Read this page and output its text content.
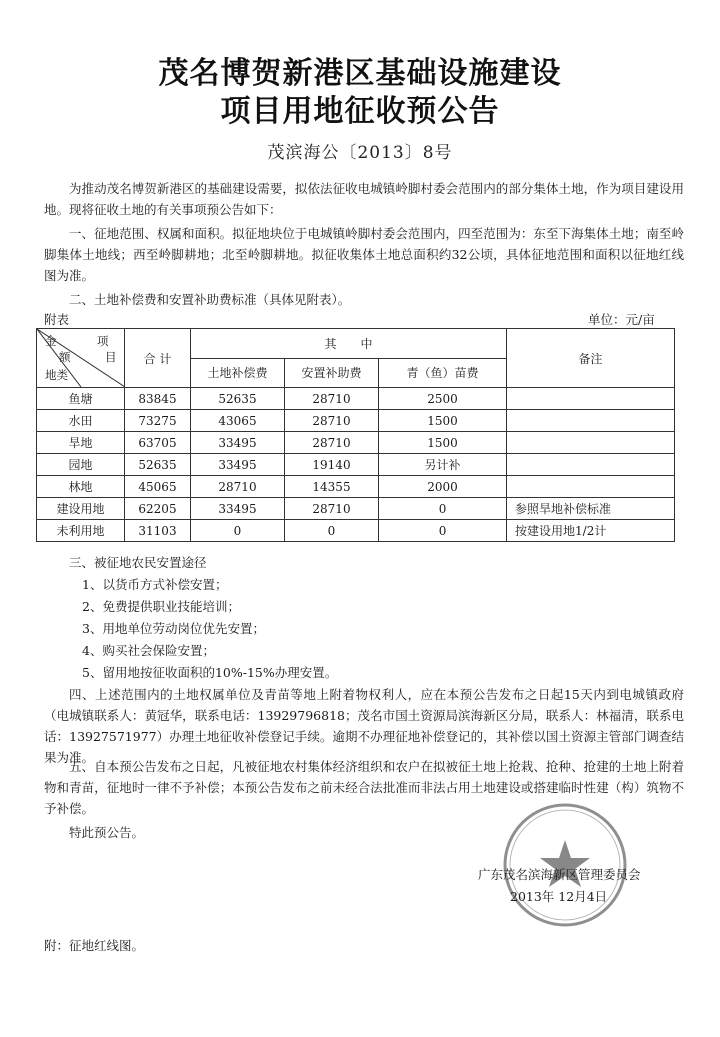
茂名博贺新港区基础设施建设
项目用地征收预公告
茂滨海公〔2013〕8号
为推动茂名博贺新港区的基础建设需要，拟依法征收电城镇岭脚村委会范围内的部分集体土地，作为项目建设用地。现将征收土地的有关事项预公告如下：
一、征地范围、权属和面积。拟征地块位于电城镇岭脚村委会范围内，四至范围为：东至下海集体土地；南至岭脚集体土地线；西至岭脚耕地；北至岭脚耕地。拟征收集体土地总面积约32公顷，具体征地范围和面积以征地红线图为准。
二、土地补偿费和安置补助费标准（具体见附表）。
附表	单位：元/亩
金 项
额 目
地类	合 计	其　　中			备注
		土地补偿费	安置补助费	青（鱼）苗费	
鱼塘	83845	52635	28710	2500	
水田	73275	43065	28710	1500	
旱地	63705	33495	28710	1500	
园地	52635	33495	19140	另计补	
林地	45065	28710	14355	2000	
建设用地	62205	33495	28710	0	参照旱地补偿标准
未利用地	31103	0	0	0	按建设用地1/2计
三、被征地农民安置途径
1、以货币方式补偿安置；
2、免费提供职业技能培训；
3、用地单位劳动岗位优先安置；
4、购买社会保险安置；
5、留用地按征收面积的10%-15%办理安置。
四、上述范围内的土地权属单位及青苗等地上附着物权利人，应在本预公告发布之日起15天内到电城镇政府（电城镇联系人：黄冠华，联系电话：13929796818；茂名市国土资源局滨海新区分局，联系人：林福清，联系电话：13927571977）办理土地征收补偿登记手续。逾期不办理征地补偿登记的，其补偿以国土资源主管部门调查结果为准。
五、自本预公告发布之日起，凡被征地农村集体经济组织和农户在拟被征土地上抢栽、抢种、抢建的土地上附着物和青苗，征地时一律不予补偿；本预公告发布之前未经合法批准而非法占用土地建设或搭建临时性建（构）筑物不予补偿。
特此预公告。
广东茂名滨海新区管理委员会
2013年 12月4日
附：征地红线图。
